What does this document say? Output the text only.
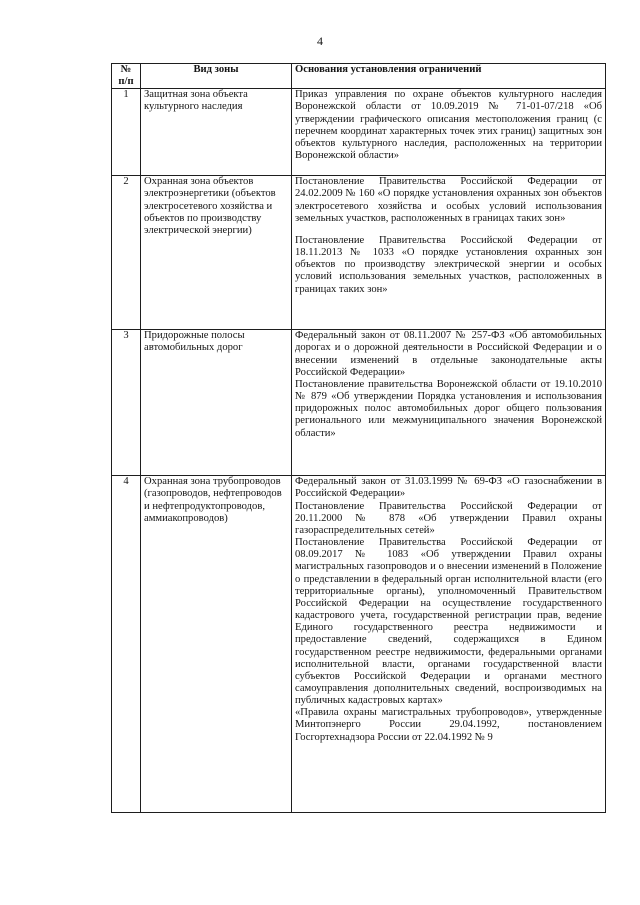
4
№ п/п	Вид зоны	Основания установления ограничений
1	Защитная зона объекта культурного наследия	Приказ управления по охране объектов культурного наследия Воронежской области от 10.09.2019 № 71-01-07/218 «Об утверждении графического описания местоположения границ (с перечнем координат характерных точек этих границ) защитных зон объектов культурного наследия, расположенных на территории Воронежской области»

2	Охранная зона объектов электроэнергетики (объектов электросетевого хозяйства и объектов по производству электрической энергии)	Постановление Правительства Российской Федерации от 24.02.2009 № 160 «О порядке установления охранных зон объектов электросетевого хозяйства и особых условий использования земельных участков, расположенных в границах таких зон»
Постановление Правительства Российской Федерации от 18.11.2013 № 1033 «О порядке установления охранных зон объектов по производству электрической энергии и особых условий использования земельных участков, расположенных в границах таких зон»

3	Придорожные полосы автомобильных дорог	Федеральный закон от 08.11.2007 № 257-ФЗ «Об автомобильных дорогах и о дорожной деятельности в Российской Федерации и о внесении изменений в отдельные законодательные акты Российской Федерации»
Постановление правительства Воронежской области от 19.10.2010 № 879 «Об утверждении Порядка установления и использования придорожных полос автомобильных дорог общего пользования регионального или межмуниципального значения Воронежской области»

4	Охранная зона трубопроводов (газопроводов, нефтепроводов и нефтепродуктопроводов, аммиакопроводов)	Федеральный закон от 31.03.1999 № 69-ФЗ «О газоснабжении в Российской Федерации»
Постановление Правительства Российской Федерации от 20.11.2000 № 878 «Об утверждении Правил охраны газораспределительных сетей»
Постановление Правительства Российской Федерации от 08.09.2017 № 1083 «Об утверждении Правил охраны магистральных газопроводов и о внесении изменений в Положение о представлении в федеральный орган исполнительной власти (его территориальные органы), уполномоченный Правительством Российской Федерации на осуществление государственного кадастрового учета, государственной регистрации прав, ведение Единого государственного реестра недвижимости и предоставление сведений, содержащихся в Едином государственном реестре недвижимости, федеральными органами исполнительной власти, органами государственной власти субъектов Российской Федерации и органами местного самоуправления дополнительных сведений, воспроизводимых на публичных кадастровых картах»
«Правила охраны магистральных трубопроводов», утвержденные Минтопэнерго России 29.04.1992, постановлением Госгортехнадзора России от 22.04.1992 № 9
